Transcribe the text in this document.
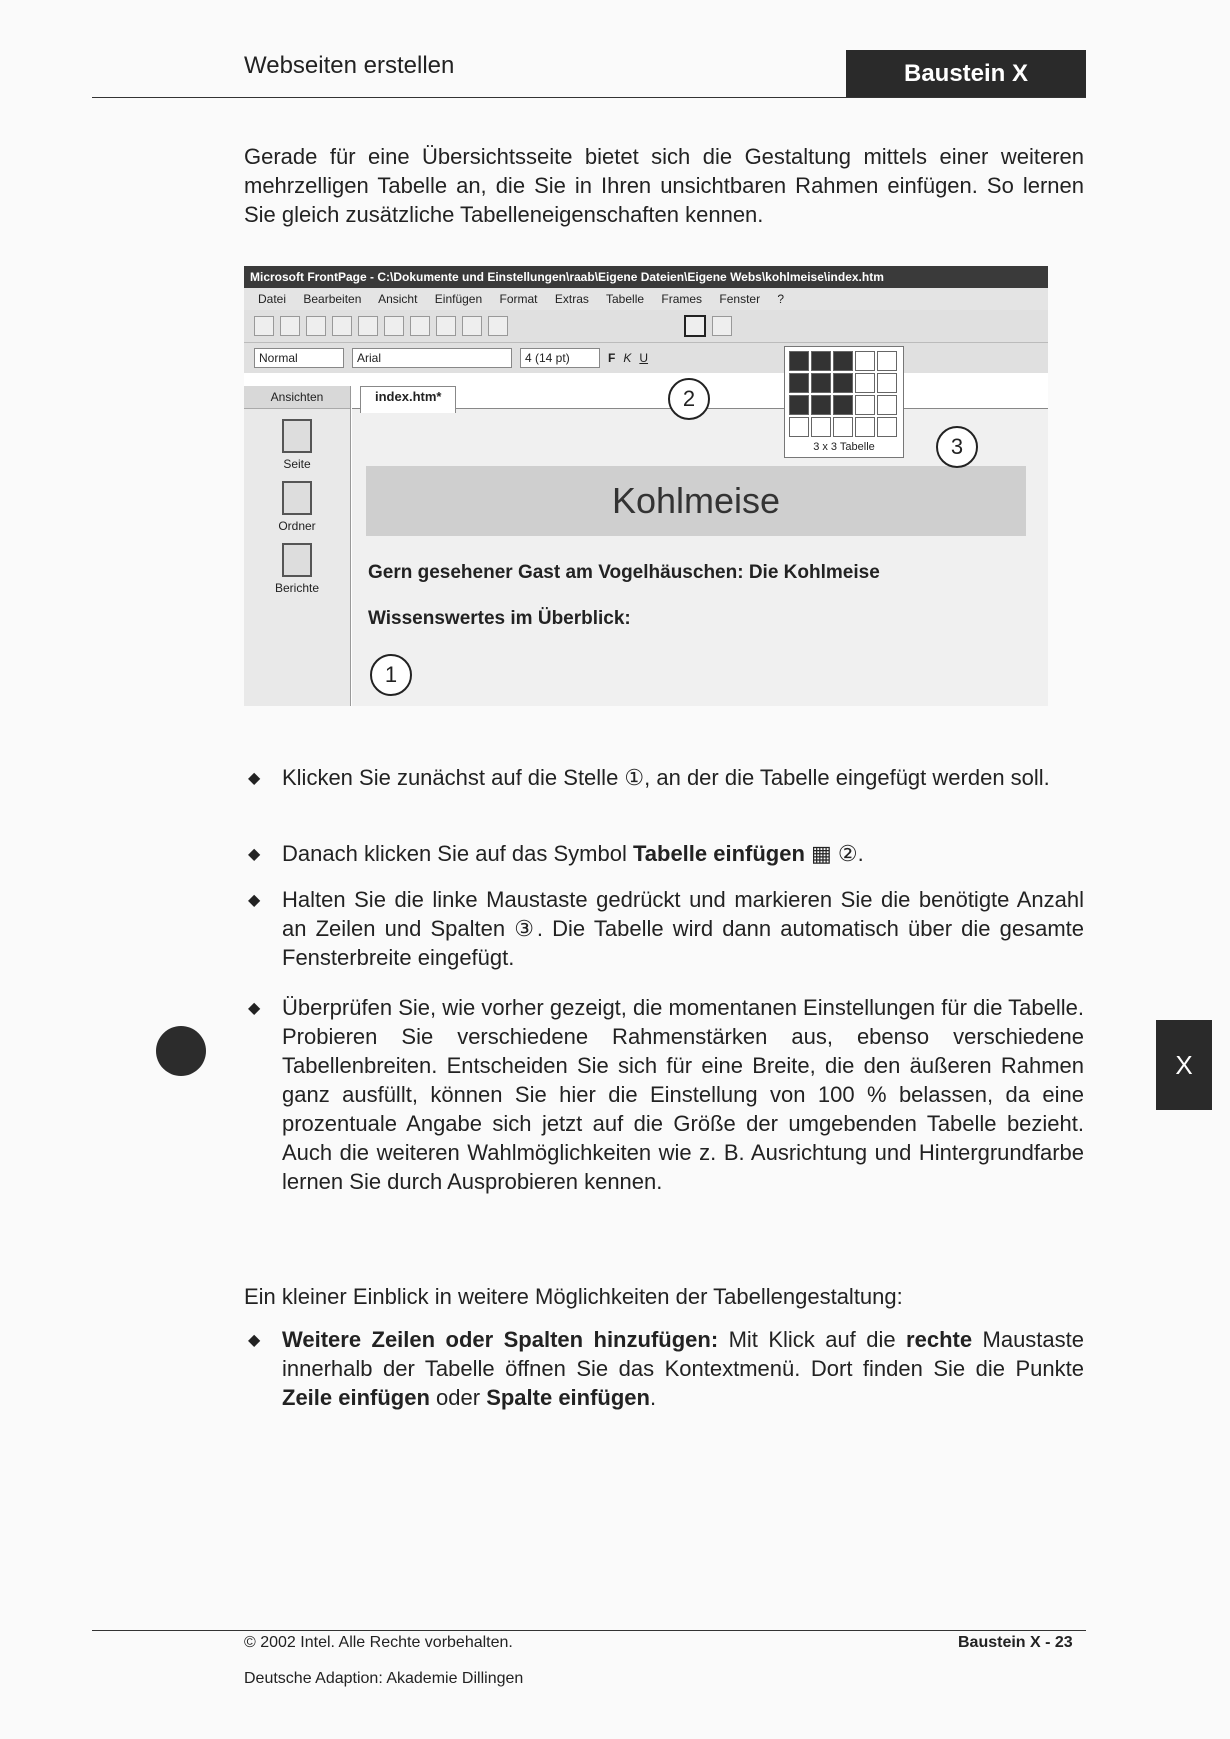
Webseiten erstellen	Baustein X

Gerade für eine Übersichtsseite bietet sich die Gestaltung mittels einer weiteren mehrzelligen Tabelle an, die Sie in Ihren unsichtbaren Rahmen einfügen. So lernen Sie gleich zusätzliche Tabelleneigenschaften kennen.

Microsoft FrontPage - C:\Dokumente und Einstellungen\raab\Eigene Dateien\Eigene Webs\kohlmeise\index.htm
Datei Bearbeiten Ansicht Einfügen Format Extras Tabelle Frames Fenster ?
Normal	Arial	4 (14 pt)	F K U
Ansichten
Seite
Ordner
Berichte
index.htm*
Kohlmeise
Gern gesehener Gast am Vogelhäuschen: Die Kohlmeise
Wissenswertes im Überblick:
3 x 3 Tabelle
1
2
3
◆ Klicken Sie zunächst auf die Stelle ①, an der die Tabelle eingefügt werden soll.
◆ Danach klicken Sie auf das Symbol Tabelle einfügen ▦ ②.
◆ Halten Sie die linke Maustaste gedrückt und markieren Sie die benötigte Anzahl an Zeilen und Spalten ③. Die Tabelle wird dann automatisch über die gesamte Fensterbreite eingefügt.
◆ Überprüfen Sie, wie vorher gezeigt, die momentanen Einstellungen für die Tabelle. Probieren Sie verschiedene Rahmenstärken aus, ebenso verschiedene Tabellenbreiten. Entscheiden Sie sich für eine Breite, die den äußeren Rahmen ganz ausfüllt, können Sie hier die Einstellung von 100 % belassen, da eine prozentuale Angabe sich jetzt auf die Größe der umgebenden Tabelle bezieht. Auch die weiteren Wahlmöglichkeiten wie z. B. Ausrichtung und Hintergrundfarbe lernen Sie durch Ausprobieren kennen.

Ein kleiner Einblick in weitere Möglichkeiten der Tabellengestaltung:

◆ Weitere Zeilen oder Spalten hinzufügen: Mit Klick auf die rechte Maustaste innerhalb der Tabelle öffnen Sie das Kontextmenü. Dort finden Sie die Punkte Zeile einfügen oder Spalte einfügen.
X
© 2002 Intel. Alle Rechte vorbehalten.
Deutsche Adaption: Akademie Dillingen
Baustein X - 23
